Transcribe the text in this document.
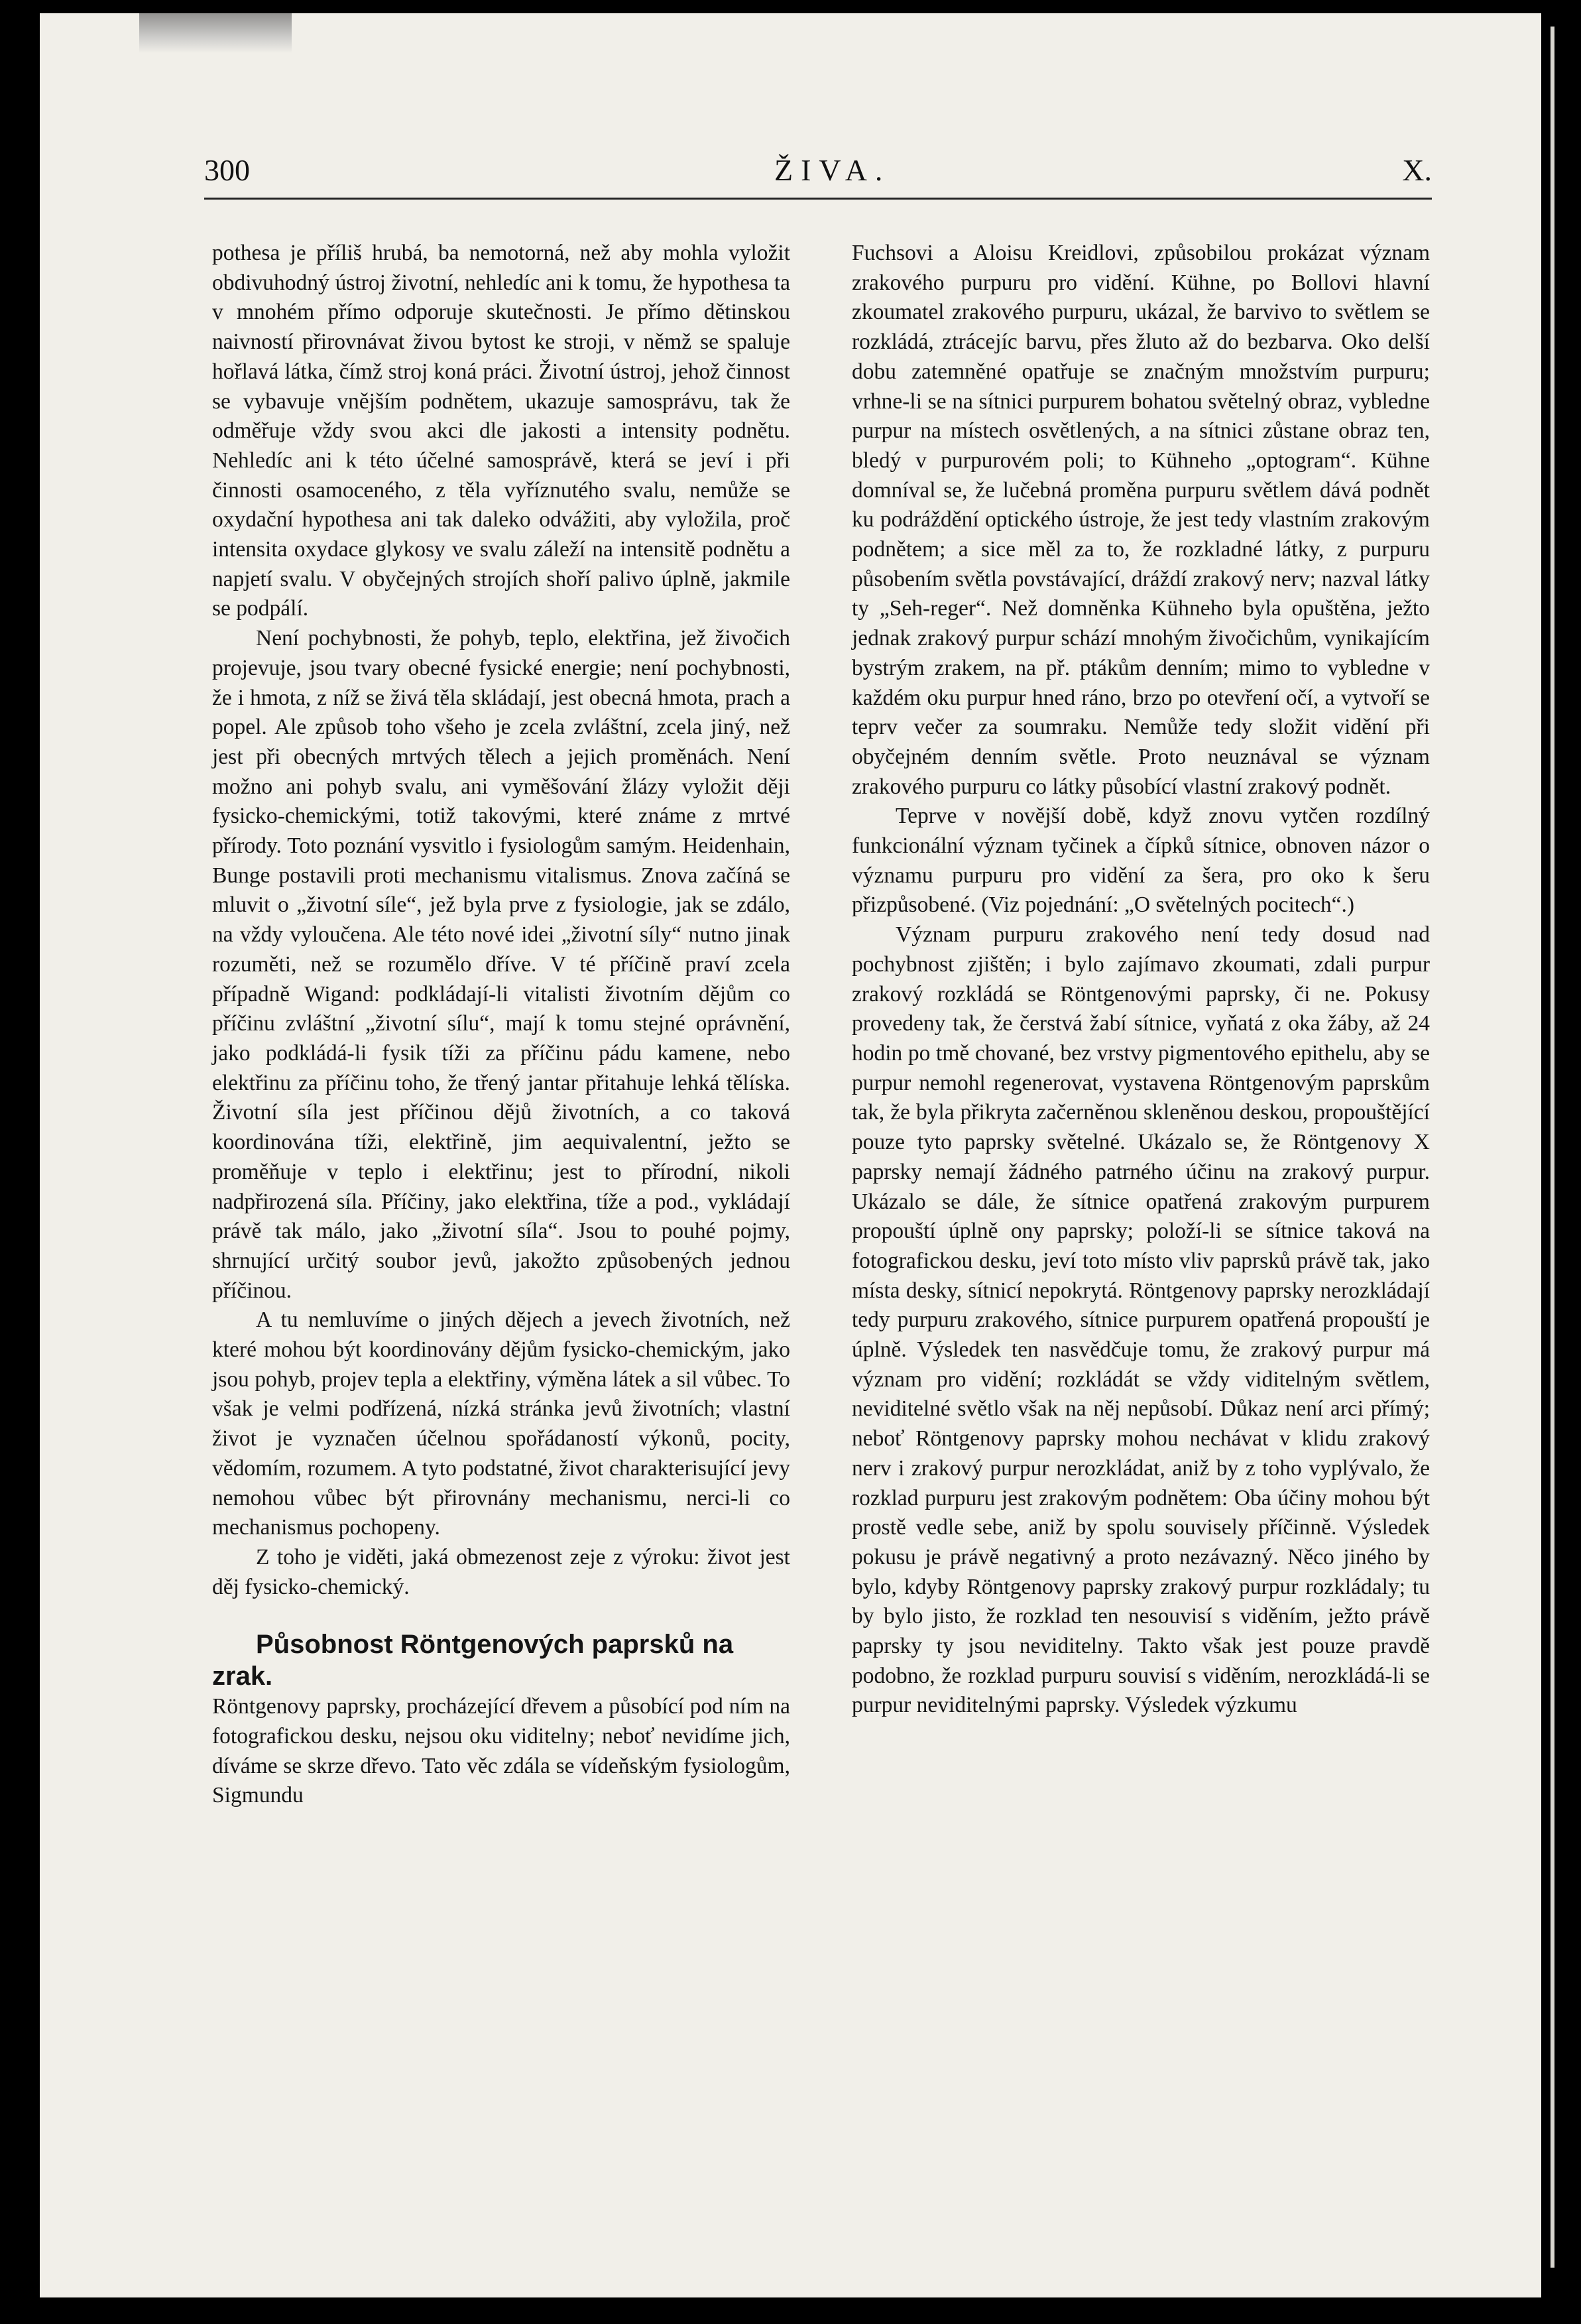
300	ŽIVA.	X.

pothesa je příliš hrubá, ba nemotorná, než aby mohla vyložit obdivuhodný ústroj životní, nehledíc ani k tomu, že hypothesa ta v mnohém přímo odporuje skutečnosti. Je přímo dětinskou naivností přirovnávat živou bytost ke stroji, v němž se spaluje hořlavá látka, čímž stroj koná práci. Životní ústroj, jehož činnost se vybavuje vnějším podnětem, ukazuje samosprávu, tak že odměřuje vždy svou akci dle jakosti a intensity podnětu. Nehledíc ani k této účelné samosprávě, která se jeví i při činnosti osamoceného, z těla vyříznutého svalu, nemůže se oxydační hypothesa ani tak daleko odvážiti, aby vyložila, proč intensita oxydace glykosy ve svalu záleží na intensitě podnětu a napjetí svalu. V obyčejných strojích shoří palivo úplně, jakmile se podpálí.

Není pochybnosti, že pohyb, teplo, elektřina, jež živočich projevuje, jsou tvary obecné fysické energie; není pochybnosti, že i hmota, z níž se živá těla skládají, jest obecná hmota, prach a popel. Ale způsob toho všeho je zcela zvláštní, zcela jiný, než jest při obecných mrtvých tělech a jejich proměnách. Není možno ani pohyb svalu, ani vyměšování žlázy vyložit ději fysicko-chemickými, totiž takovými, které známe z mrtvé přírody. Toto poznání vysvitlo i fysiologům samým. Heidenhain, Bunge postavili proti mechanismu vitalismus. Znova začíná se mluvit o „životní síle“, jež byla prve z fysiologie, jak se zdálo, na vždy vyloučena. Ale této nové idei „životní síly“ nutno jinak rozuměti, než se rozumělo dříve. V té příčině praví zcela případně Wigand: podkládají-li vitalisti životním dějům co příčinu zvláštní „životní sílu“, mají k tomu stejné oprávnění, jako podkládá-li fysik tíži za příčinu pádu kamene, nebo elektřinu za příčinu toho, že třený jantar přitahuje lehká tělíska. Životní síla jest příčinou dějů životních, a co taková koordinována tíži, elektřině, jim aequivalentní, ježto se proměňuje v teplo i elektřinu; jest to přírodní, nikoli nadpřirozená síla. Příčiny, jako elektřina, tíže a pod., vykládají právě tak málo, jako „životní síla“. Jsou to pouhé pojmy, shrnující určitý soubor jevů, jakožto způsobených jednou příčinou.

A tu nemluvíme o jiných dějech a jevech životních, než které mohou být koordinovány dějům fysicko-chemickým, jako jsou pohyb, projev tepla a elektřiny, výměna látek a sil vůbec. To však je velmi podřízená, nízká stránka jevů životních; vlastní život je vyznačen účelnou spořádaností výkonů, pocity, vědomím, rozumem. A tyto podstatné, život charakterisující jevy nemohou vůbec být přirovnány mechanismu, nerci-li co mechanismus pochopeny.

Z toho je viděti, jaká obmezenost zeje z výroku: život jest děj fysicko-chemický.

Působnost Röntgenových paprsků na zrak.

Röntgenovy paprsky, procházející dřevem a působící pod ním na fotografickou desku, nejsou oku viditelny; neboť nevidíme jich, díváme se skrze dřevo. Tato věc zdála se vídeňským fysiologům, Sigmundu

Fuchsovi a Aloisu Kreidlovi, způsobilou prokázat význam zrakového purpuru pro vidění. Kühne, po Bollovi hlavní zkoumatel zrakového purpuru, ukázal, že barvivo to světlem se rozkládá, ztrácejíc barvu, přes žluto až do bezbarva. Oko delší dobu zatemněné opatřuje se značným množstvím purpuru; vrhne-li se na sítnici purpurem bohatou světelný obraz, vybledne purpur na místech osvětlených, a na sítnici zůstane obraz ten, bledý v purpurovém poli; to Kühneho „optogram“. Kühne domníval se, že lučebná proměna purpuru světlem dává podnět ku podráždění optického ústroje, že jest tedy vlastním zrakovým podnětem; a sice měl za to, že rozkladné látky, z purpuru působením světla povstávající, dráždí zrakový nerv; nazval látky ty „Seh-reger“. Než domněnka Kühneho byla opuštěna, ježto jednak zrakový purpur schází mnohým živočichům, vynikajícím bystrým zrakem, na př. ptákům denním; mimo to vybledne v každém oku purpur hned ráno, brzo po otevření očí, a vytvoří se teprv večer za soumraku. Nemůže tedy složit vidění při obyčejném denním světle. Proto neuznával se význam zrakového purpuru co látky působící vlastní zrakový podnět.

Teprve v novější době, když znovu vytčen rozdílný funkcionální význam tyčinek a čípků sítnice, obnoven názor o významu purpuru pro vidění za šera, pro oko k šeru přizpůsobené. (Viz pojednání: „O světelných pocitech“.)

Význam purpuru zrakového není tedy dosud nad pochybnost zjištěn; i bylo zajímavo zkoumati, zdali purpur zrakový rozkládá se Röntgenovými paprsky, či ne. Pokusy provedeny tak, že čerstvá žabí sítnice, vyňatá z oka žáby, až 24 hodin po tmě chované, bez vrstvy pigmentového epithelu, aby se purpur nemohl regenerovat, vystavena Röntgenovým paprskům tak, že byla přikryta začerněnou skleněnou deskou, propouštějící pouze tyto paprsky světelné. Ukázalo se, že Röntgenovy X paprsky nemají žádného patrného účinu na zrakový purpur. Ukázalo se dále, že sítnice opatřená zrakovým purpurem propouští úplně ony paprsky; položí-li se sítnice taková na fotografickou desku, jeví toto místo vliv paprsků právě tak, jako místa desky, sítnicí nepokrytá. Röntgenovy paprsky nerozkládají tedy purpuru zrakového, sítnice purpurem opatřená propouští je úplně. Výsledek ten nasvědčuje tomu, že zrakový purpur má význam pro vidění; rozkládát se vždy viditelným světlem, neviditelné světlo však na něj nepůsobí. Důkaz není arci přímý; neboť Röntgenovy paprsky mohou nechávat v klidu zrakový nerv i zrakový purpur nerozkládat, aniž by z toho vyplývalo, že rozklad purpuru jest zrakovým podnětem: Oba účiny mohou být prostě vedle sebe, aniž by spolu souvisely příčinně. Výsledek pokusu je právě negativný a proto nezávazný. Něco jiného by bylo, kdyby Röntgenovy paprsky zrakový purpur rozkládaly; tu by bylo jisto, že rozklad ten nesouvisí s viděním, ježto právě paprsky ty jsou neviditelny. Takto však jest pouze pravdě podobno, že rozklad purpuru souvisí s viděním, nerozkládá-li se purpur neviditelnými paprsky. Výsledek výzkumu
